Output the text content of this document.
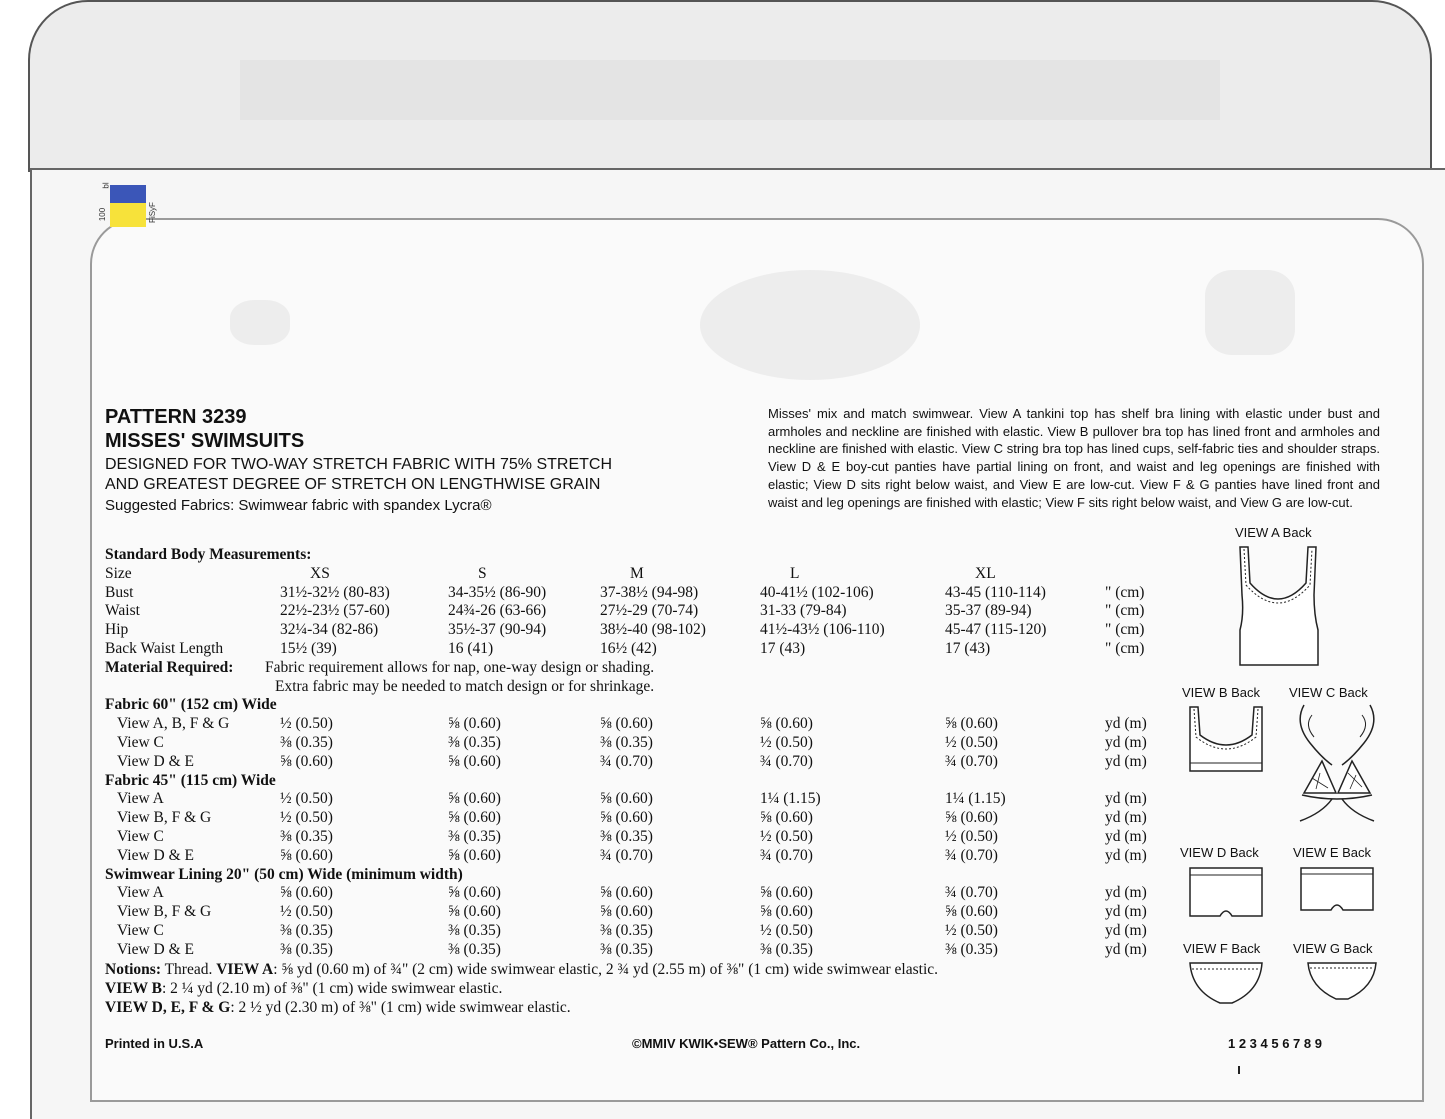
100
bl
FiSyF
PATTERN 3239
MISSES' SWIMSUITS
DESIGNED FOR TWO-WAY STRETCH FABRIC WITH 75% STRETCH
AND GREATEST DEGREE OF STRETCH ON LENGTHWISE GRAIN
Suggested Fabrics: Swimwear fabric with spandex Lycra®
Misses' mix and match swimwear. View A tankini top has shelf bra lining with elastic under bust and armholes and neckline are finished with elastic. View B pullover bra top has lined front and armholes and neckline are finished with elastic. View C string bra top has lined cups, self-fabric ties and shoulder straps. View D & E boy-cut panties have partial lining on front, and waist and leg openings are finished with elastic; View D sits right below waist, and View E are low-cut. View F & G panties have lined front and waist and leg openings are finished with elastic; View F sits right below waist, and View G are low-cut.
Standard Body Measurements:
Size	XS	S	M	L	XL
Bust	31½-32½ (80-83)	34-35½ (86-90)	37-38½ (94-98)	40-41½ (102-106)	43-45 (110-114)	" (cm)
Waist	22½-23½ (57-60)	24¾-26 (63-66)	27½-29 (70-74)	31-33 (79-84)	35-37 (89-94)	" (cm)
Hip	32¼-34 (82-86)	35½-37 (90-94)	38½-40 (98-102)	41½-43½ (106-110)	45-47 (115-120)	" (cm)
Back Waist Length	15½ (39)	16 (41)	16½ (42)	17 (43)	17 (43)	" (cm)
Material Required: Fabric requirement allows for nap, one-way design or shading.
Extra fabric may be needed to match design or for shrinkage.
Fabric 60" (152 cm) Wide
View A, B, F & G	½ (0.50)	⅝ (0.60)	⅝ (0.60)	⅝ (0.60)	⅝ (0.60)	yd (m)
View C	⅜ (0.35)	⅜ (0.35)	⅜ (0.35)	½ (0.50)	½ (0.50)	yd (m)
View D & E	⅝ (0.60)	⅝ (0.60)	¾ (0.70)	¾ (0.70)	¾ (0.70)	yd (m)
Fabric 45" (115 cm) Wide
View A	½ (0.50)	⅝ (0.60)	⅝ (0.60)	1¼ (1.15)	1¼ (1.15)	yd (m)
View B, F & G	½ (0.50)	⅝ (0.60)	⅝ (0.60)	⅝ (0.60)	⅝ (0.60)	yd (m)
View C	⅜ (0.35)	⅜ (0.35)	⅜ (0.35)	½ (0.50)	½ (0.50)	yd (m)
View D & E	⅝ (0.60)	⅝ (0.60)	¾ (0.70)	¾ (0.70)	¾ (0.70)	yd (m)
Swimwear Lining 20" (50 cm) Wide (minimum width)
View A	⅝ (0.60)	⅝ (0.60)	⅝ (0.60)	⅝ (0.60)	¾ (0.70)	yd (m)
View B, F & G	½ (0.50)	⅝ (0.60)	⅝ (0.60)	⅝ (0.60)	⅝ (0.60)	yd (m)
View C	⅜ (0.35)	⅜ (0.35)	⅜ (0.35)	½ (0.50)	½ (0.50)	yd (m)
View D & E	⅜ (0.35)	⅜ (0.35)	⅜ (0.35)	⅜ (0.35)	⅜ (0.35)	yd (m)
Notions: Thread. VIEW A: ⅝ yd (0.60 m) of ¾" (2 cm) wide swimwear elastic, 2 ¾ yd (2.55 m) of ⅜" (1 cm) wide swimwear elastic.
VIEW B: 2 ¼ yd (2.10 m) of ⅜" (1 cm) wide swimwear elastic.
VIEW D, E, F & G: 2 ½ yd (2.30 m) of ⅜" (1 cm) wide swimwear elastic.
Printed in U.S.A	©MMIV KWIK•SEW® Pattern Co., Inc.	1 2 3 4 5 6 7 8 9
VIEW A Back
VIEW B Back VIEW C Back
VIEW D Back	VIEW E Back
VIEW F Back	VIEW G Back
